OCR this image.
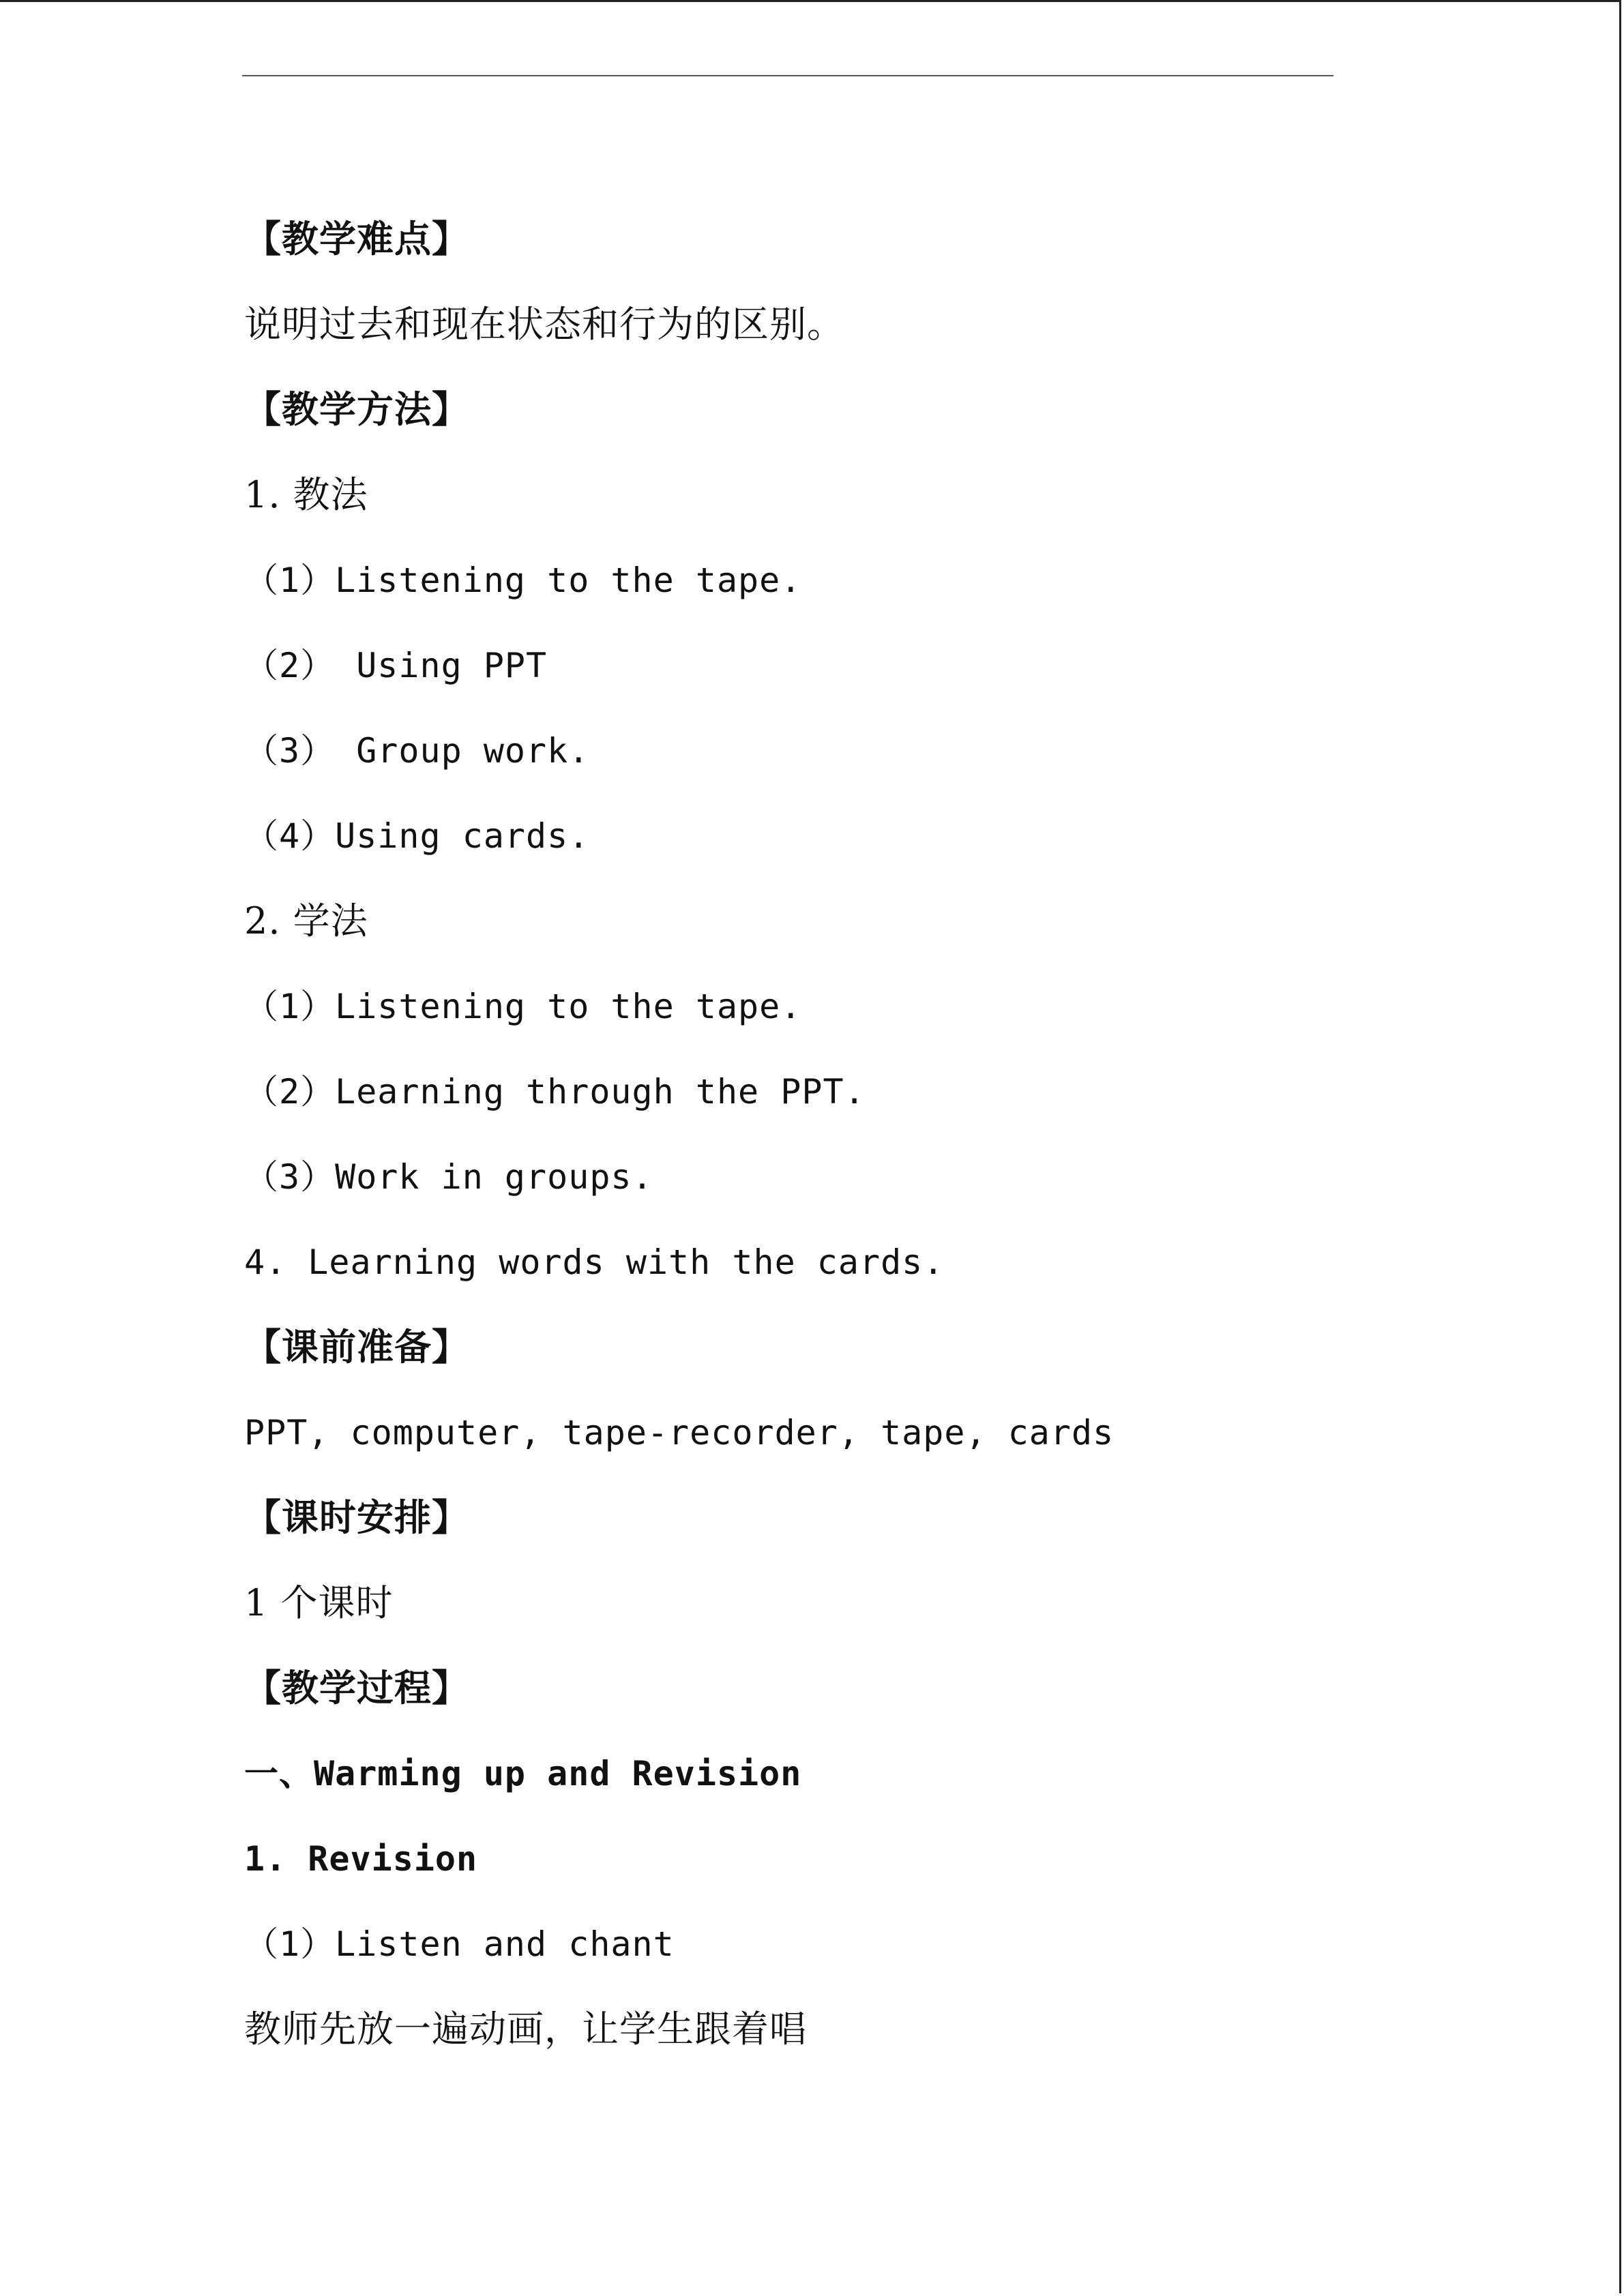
【教学难点】
说明过去和现在状态和行为的区别。
【教学方法】
1. 教法
（1）Listening to the tape.
（2） Using PPT
（3） Group work.
（4）Using cards.
2. 学法
（1）Listening to the tape.
（2）Learning through the PPT.
（3）Work in groups.
4. Learning words with the cards.
【课前准备】
PPT, computer, tape-recorder, tape, cards
【课时安排】
1 个课时
【教学过程】
一、Warming up and Revision
1. Revision
（1）Listen and chant
教师先放一遍动画，让学生跟着唱
